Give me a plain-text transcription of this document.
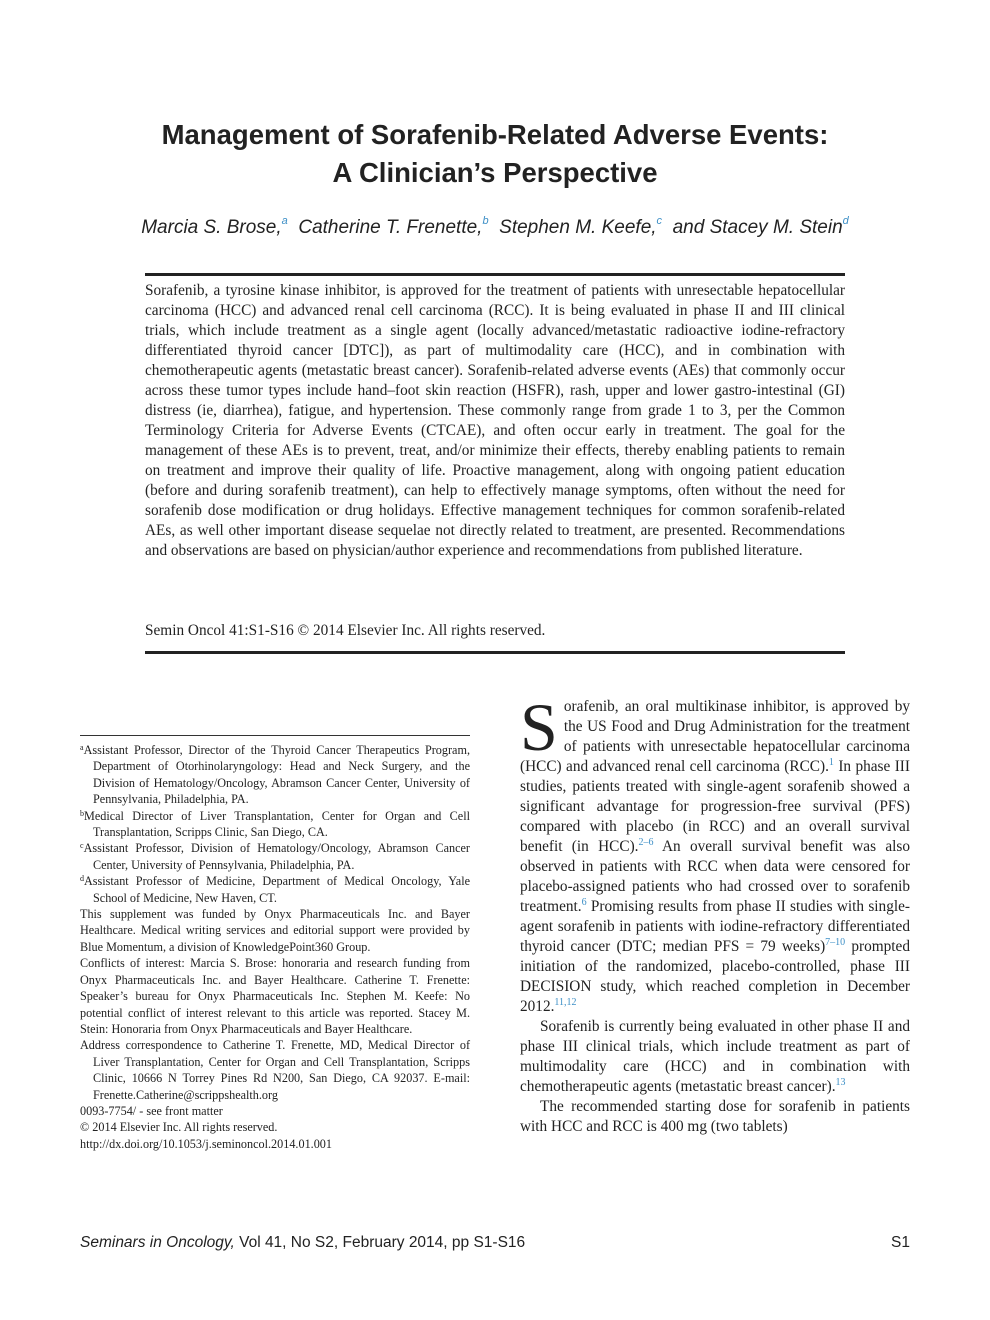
Management of Sorafenib-Related Adverse Events:
A Clinician’s Perspective
Marcia S. Brose,$^a$ Catherine T. Frenette,$^b$ Stephen M. Keefe,$^c$ and Stacey M. Stein$^d$

Sorafenib, a tyrosine kinase inhibitor, is approved for the treatment of patients with unresectable hepatocellular carcinoma (HCC) and advanced renal cell carcinoma (RCC). It is being evaluated in phase II and III clinical trials, which include treatment as a single agent (locally advanced/metastatic radioactive iodine-refractory differentiated thyroid cancer [DTC]), as part of multimodality care (HCC), and in combination with chemotherapeutic agents (metastatic breast cancer). Sorafenib-related adverse events (AEs) that commonly occur across these tumor types include hand–foot skin reaction (HSFR), rash, upper and lower gastro-intestinal (GI) distress (ie, diarrhea), fatigue, and hypertension. These commonly range from grade 1 to 3, per the Common Terminology Criteria for Adverse Events (CTCAE), and often occur early in treatment. The goal for the management of these AEs is to prevent, treat, and/or minimize their effects, thereby enabling patients to remain on treatment and improve their quality of life. Proactive management, along with ongoing patient education (before and during sorafenib treatment), can help to effectively manage symptoms, often without the need for sorafenib dose modification or drug holidays. Effective management techniques for common sorafenib-related AEs, as well other important disease sequelae not directly related to treatment, are presented. Recommendations and observations are based on physician/author experience and recommendations from published literature.

Semin Oncol 41:S1-S16 © 2014 Elsevier Inc. All rights reserved.

$^a$Assistant Professor, Director of the Thyroid Cancer Therapeutics Program, Department of Otorhinolaryngology: Head and Neck Surgery, and the Division of Hematology/Oncology, Abramson Cancer Center, University of Pennsylvania, Philadelphia, PA.

$^b$Medical Director of Liver Transplantation, Center for Organ and Cell Transplantation, Scripps Clinic, San Diego, CA.

$^c$Assistant Professor, Division of Hematology/Oncology, Abramson Cancer Center, University of Pennsylvania, Philadelphia, PA.

$^d$Assistant Professor of Medicine, Department of Medical Oncology, Yale School of Medicine, New Haven, CT.

This supplement was funded by Onyx Pharmaceuticals Inc. and Bayer Healthcare. Medical writing services and editorial support were provided by Blue Momentum, a division of KnowledgePoint360 Group.

Conflicts of interest: Marcia S. Brose: honoraria and research funding from Onyx Pharmaceuticals Inc. and Bayer Healthcare. Catherine T. Frenette: Speaker’s bureau for Onyx Pharmaceuticals Inc. Stephen M. Keefe: No potential conflict of interest relevant to this article was reported. Stacey M. Stein: Honoraria from Onyx Pharmaceuticals and Bayer Healthcare.

Address correspondence to Catherine T. Frenette, MD, Medical Director of Liver Transplantation, Center for Organ and Cell Transplantation, Scripps Clinic, 10666 N Torrey Pines Rd N200, San Diego, CA 92037. E-mail: Frenette.Catherine@scrippshealth.org

0093-7754/ - see front matter

© 2014 Elsevier Inc. All rights reserved.

http://dx.doi.org/10.1053/j.seminoncol.2014.01.001

Sorafenib, an oral multikinase inhibitor, is approved by the US Food and Drug Administration for the treatment of patients with unresectable hepatocellular carcinoma (HCC) and advanced renal cell carcinoma (RCC).$^1$ In phase III studies, patients treated with single-agent sorafenib showed a significant advantage for progression-free survival (PFS) compared with placebo (in RCC) and an overall survival benefit (in HCC).$^{2-6}$ An overall survival benefit was also observed in patients with RCC when data were censored for placebo-assigned patients who had crossed over to sorafenib treatment.$^6$ Promising results from phase II studies with single-agent sorafenib in patients with iodine-refractory differentiated thyroid cancer (DTC; median PFS = 79 weeks)$^{7-10}$ prompted initiation of the randomized, placebo-controlled, phase III DECISION study, which reached completion in December 2012.$^{11,12}$

Sorafenib is currently being evaluated in other phase II and phase III clinical trials, which include treatment as part of multimodality care (HCC) and in combination with chemotherapeutic agents (metastatic breast cancer).$^{13}$

The recommended starting dose for sorafenib in patients with HCC and RCC is 400 mg (two tablets)

Seminars in Oncology, Vol 41, No S2, February 2014, pp S1-S16	S1
